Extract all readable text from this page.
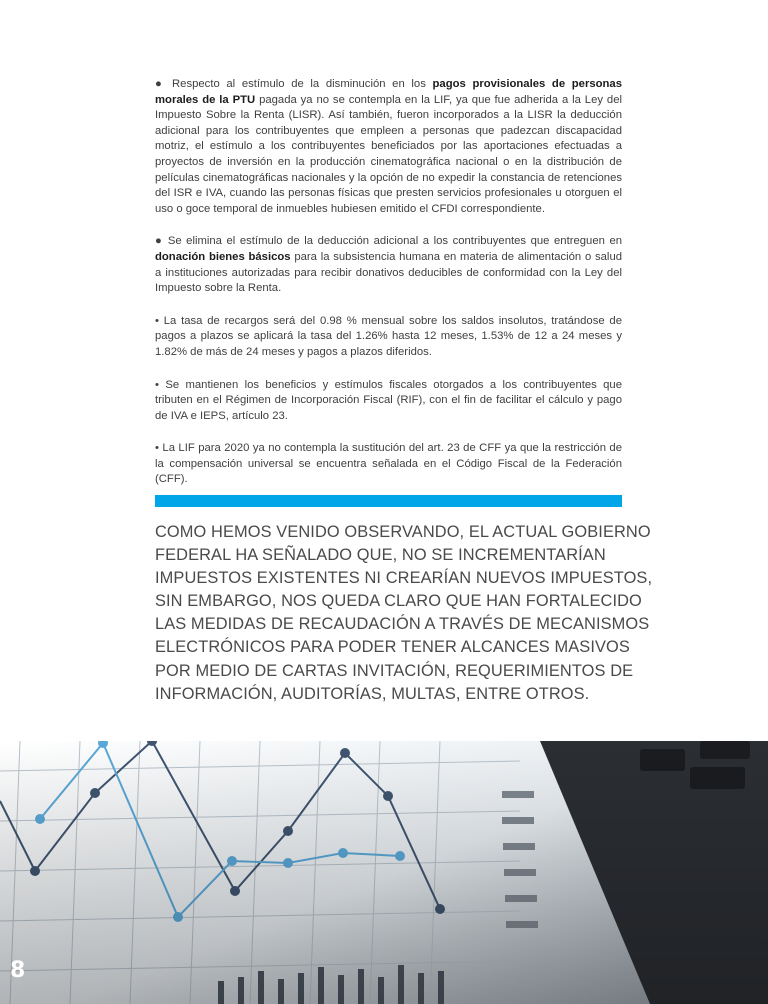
● Respecto al estímulo de la disminución en los pagos provisionales de personas morales de la PTU pagada ya no se contempla en la LIF, ya que fue adherida a la Ley del Impuesto Sobre la Renta (LISR). Así también, fueron incorporados a la LISR la deducción adicional para los contribuyentes que empleen a personas que padezcan discapacidad motriz, el estímulo a los contribuyentes beneficiados por las aportaciones efectuadas a proyectos de inversión en la producción cinematográfica nacional o en la distribución de películas cinematográficas nacionales y la opción de no expedir la constancia de retenciones del ISR e IVA, cuando las personas físicas que presten servicios profesionales u otorguen el uso o goce temporal de inmuebles hubiesen emitido el CFDI correspondiente.

● Se elimina el estímulo de la deducción adicional a los contribuyentes que entreguen en donación bienes básicos para la subsistencia humana en materia de alimentación o salud a instituciones autorizadas para recibir donativos deducibles de conformidad con la Ley del Impuesto sobre la Renta.

• La tasa de recargos será del 0.98 % mensual sobre los saldos insolutos, tratándose de pagos a plazos se aplicará la tasa del 1.26% hasta 12 meses, 1.53% de 12 a 24 meses y 1.82% de más de 24 meses y pagos a plazos diferidos.

• Se mantienen los beneficios y estímulos fiscales otorgados a los contribuyentes que tributen en el Régimen de Incorporación Fiscal (RIF), con el fin de facilitar el cálculo y pago de IVA e IEPS, artículo 23.

• La LIF para 2020 ya no contempla la sustitución del art. 23 de CFF ya que la restricción de la compensación universal se encuentra señalada en el Código Fiscal de la Federación (CFF).

COMO HEMOS VENIDO OBSERVANDO, EL ACTUAL GOBIERNO
FEDERAL HA SEÑALADO QUE, NO SE INCREMENTARÍAN
IMPUESTOS EXISTENTES NI CREARÍAN NUEVOS IMPUESTOS,
SIN EMBARGO, NOS QUEDA CLARO QUE HAN FORTALECIDO
LAS MEDIDAS DE RECAUDACIÓN A TRAVÉS DE MECANISMOS
ELECTRÓNICOS PARA PODER TENER ALCANCES MASIVOS
POR MEDIO DE CARTAS INVITACIÓN, REQUERIMIENTOS DE
INFORMACIÓN, AUDITORÍAS, MULTAS, ENTRE OTROS.
8
